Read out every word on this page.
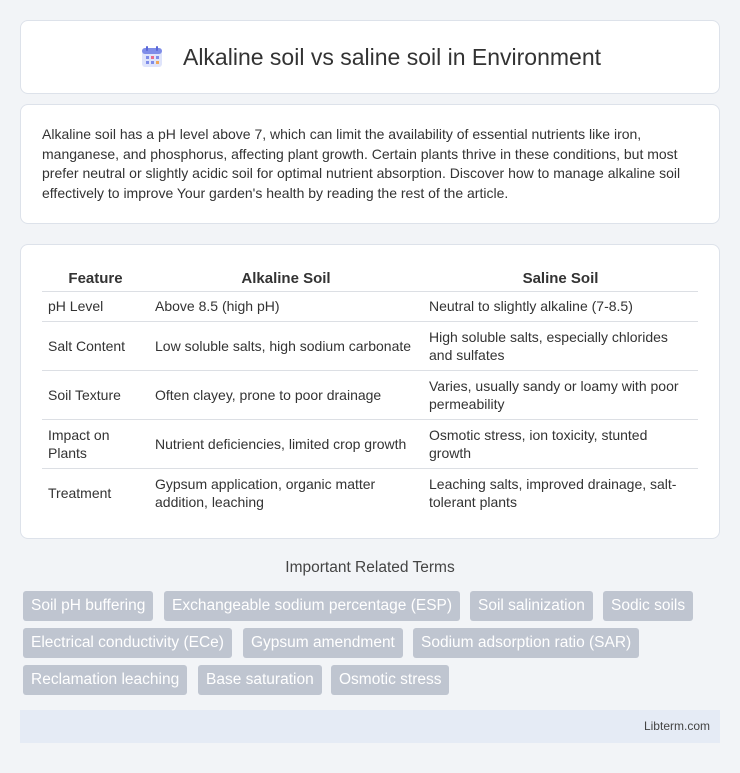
Alkaline soil vs saline soil in Environment

Alkaline soil has a pH level above 7, which can limit the availability of essential nutrients like iron, manganese, and phosphorus, affecting plant growth. Certain plants thrive in these conditions, but most prefer neutral or slightly acidic soil for optimal nutrient absorption. Discover how to manage alkaline soil effectively to improve Your garden's health by reading the rest of the article.

Feature	Alkaline Soil	Saline Soil
pH Level	Above 8.5 (high pH)	Neutral to slightly alkaline (7-8.5)
Salt Content	Low soluble salts, high sodium carbonate	High soluble salts, especially chlorides and sulfates
Soil Texture	Often clayey, prone to poor drainage	Varies, usually sandy or loamy with poor permeability
Impact on Plants	Nutrient deficiencies, limited crop growth	Osmotic stress, ion toxicity, stunted growth
Treatment	Gypsum application, organic matter addition, leaching	Leaching salts, improved drainage, salt-tolerant plants
Important Related Terms
Soil pH buffering	Exchangeable sodium percentage (ESP)	Soil salinization	Sodic soils
Electrical conductivity (ECe)	Gypsum amendment	Sodium adsorption ratio (SAR)
Reclamation leaching	Base saturation	Osmotic stress
Libterm.com
